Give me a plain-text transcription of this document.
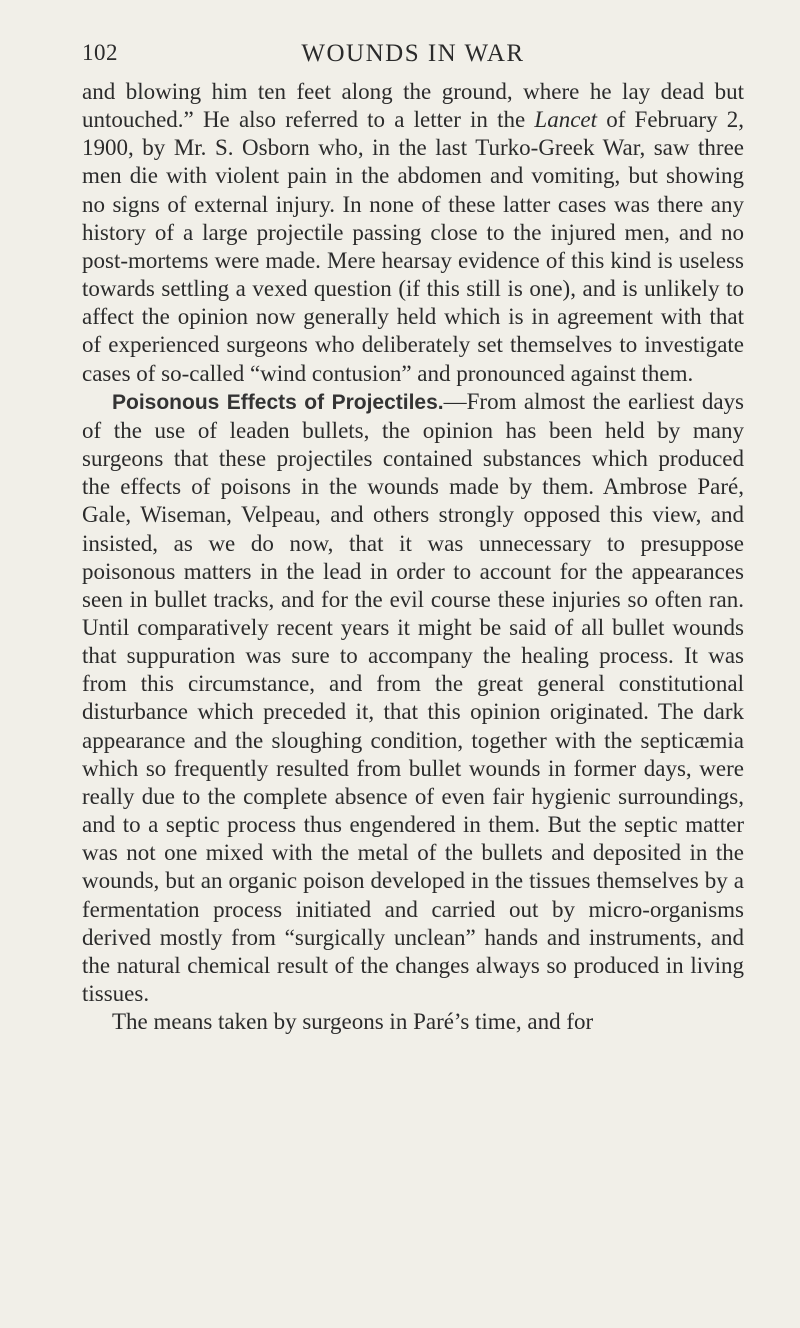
102	WOUNDS IN WAR

and blowing him ten feet along the ground, where he lay dead but untouched.” He also referred to a letter in the Lancet of February 2, 1900, by Mr. S. Osborn who, in the last Turko-Greek War, saw three men die with violent pain in the abdomen and vomiting, but showing no signs of external injury. In none of these latter cases was there any history of a large projectile passing close to the injured men, and no post-mortems were made. Mere hearsay evidence of this kind is useless towards settling a vexed question (if this still is one), and is unlikely to affect the opinion now generally held which is in agreement with that of experienced surgeons who deliberately set themselves to investigate cases of so-called “wind contusion” and pronounced against them.

Poisonous Effects of Projectiles.—From almost the earliest days of the use of leaden bullets, the opinion has been held by many surgeons that these projectiles contained substances which produced the effects of poisons in the wounds made by them. Ambrose Paré, Gale, Wiseman, Velpeau, and others strongly opposed this view, and insisted, as we do now, that it was unnecessary to presuppose poisonous matters in the lead in order to account for the appearances seen in bullet tracks, and for the evil course these injuries so often ran. Until comparatively recent years it might be said of all bullet wounds that suppuration was sure to accompany the healing process. It was from this circumstance, and from the great general constitutional disturbance which preceded it, that this opinion originated. The dark appearance and the sloughing condition, together with the septicæmia which so frequently resulted from bullet wounds in former days, were really due to the complete absence of even fair hygienic surroundings, and to a septic process thus engendered in them. But the septic matter was not one mixed with the metal of the bullets and deposited in the wounds, but an organic poison developed in the tissues themselves by a fermentation process initiated and carried out by micro-organisms derived mostly from “surgically unclean” hands and instruments, and the natural chemical result of the changes always so produced in living tissues.

The means taken by surgeons in Paré’s time, and for
